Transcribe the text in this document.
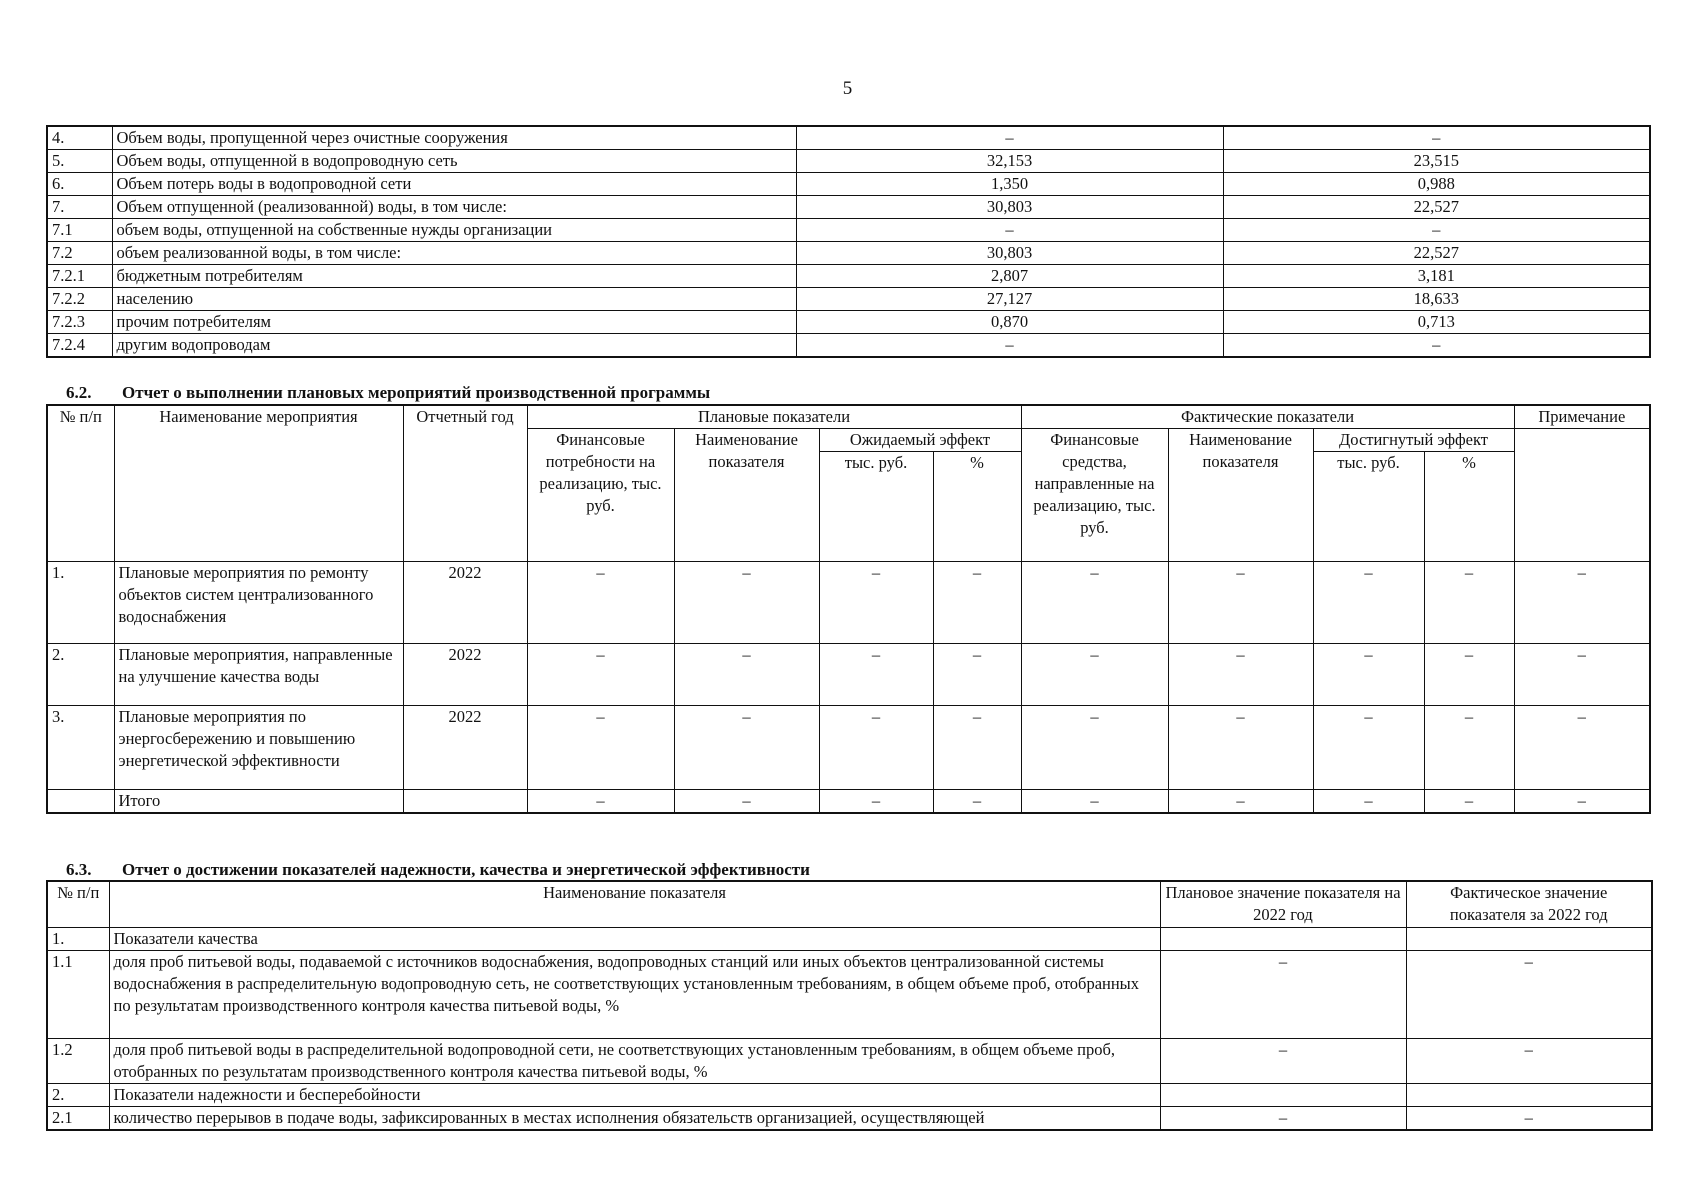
5
4.	Объем воды, пропущенной через очистные сооружения	–	–
5.	Объем воды, отпущенной в водопроводную сеть	32,153	23,515
6.	Объем потерь воды в водопроводной сети	1,350	0,988
7.	Объем отпущенной (реализованной) воды, в том числе:	30,803	22,527
7.1	объем воды, отпущенной на собственные нужды организации	–	–
7.2	объем реализованной воды, в том числе:	30,803	22,527
7.2.1	бюджетным потребителям	2,807	3,181
7.2.2	населению	27,127	18,633
7.2.3	прочим потребителям	0,870	0,713
7.2.4	другим водопроводам	–	–
6.2. Отчет о выполнении плановых мероприятий производственной программы
№ п/п	Наименование мероприятия	Отчетный год	Плановые показатели				Фактические показатели				Примечание
			Финансовые потребности на реализацию, тыс. руб.	Наименование показателя	Ожидаемый эффект		Финансовые средства, направленные на реализацию, тыс. руб.	Наименование показателя	Достигнутый эффект		
					тыс. руб.	%			тыс. руб.	%	
1.	Плановые мероприятия по ремонту объектов систем централизованного водоснабжения	2022	–	–	–	–	–	–	–	–	–
2.	Плановые мероприятия, направленные на улучшение качества воды	2022	–	–	–	–	–	–	–	–	–
3.	Плановые мероприятия по энергосбережению и повышению энергетической эффективности	2022	–	–	–	–	–	–	–	–	–
	Итого		–	–	–	–	–	–	–	–	–
6.3. Отчет о достижении показателей надежности, качества и энергетической эффективности
№ п/п	Наименование показателя	Плановое значение показателя на 2022 год	Фактическое значение показателя за 2022 год
1.	Показатели качества		
1.1	доля проб питьевой воды, подаваемой с источников водоснабжения, водопроводных станций или иных объектов централизованной системы водоснабжения в распределительную водопроводную сеть, не соответствующих установленным требованиям, в общем объеме проб, отобранных по результатам производственного контроля качества питьевой воды, %	–	–
1.2	доля проб питьевой воды в распределительной водопроводной сети, не соответствующих установленным требованиям, в общем объеме проб, отобранных по результатам производственного контроля качества питьевой воды, %	–	–
2.	Показатели надежности и бесперебойности		
2.1	количество перерывов в подаче воды, зафиксированных в местах исполнения обязательств организацией, осуществляющей	–	–
